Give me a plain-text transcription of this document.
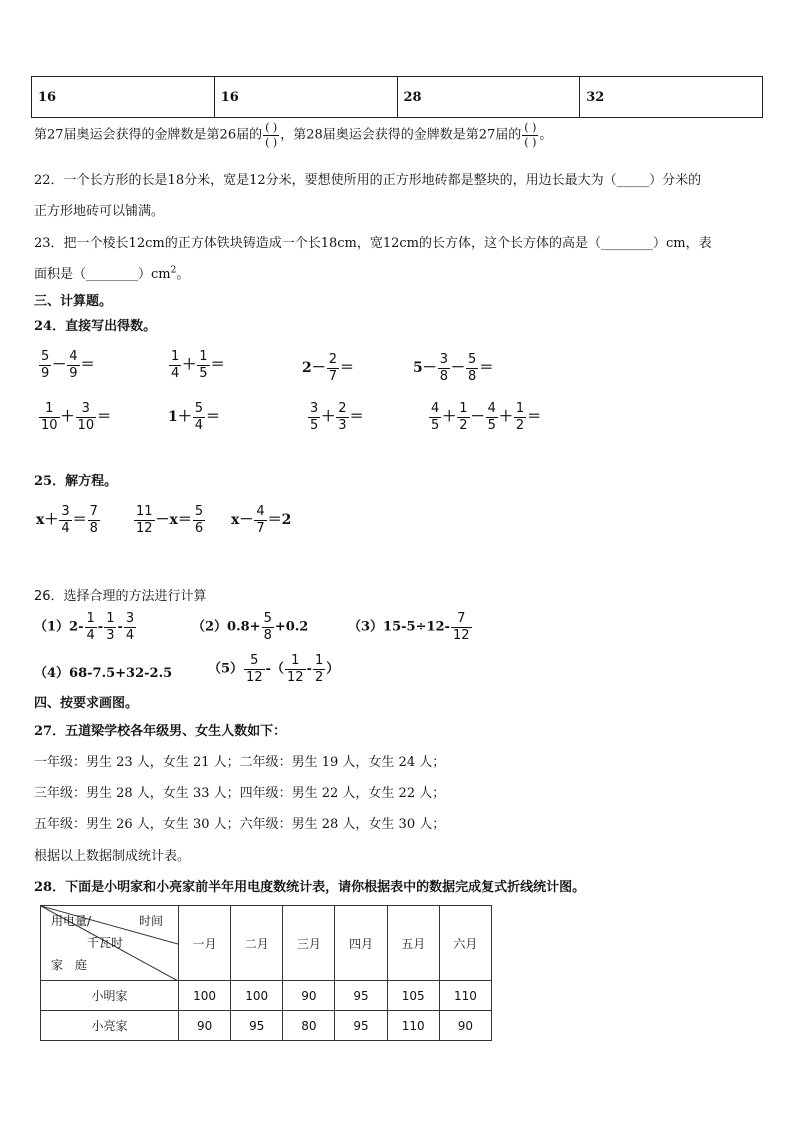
16	16	28	32
第27届奥运会获得的金牌数是第26届的 $\frac{( )}{( )}$ ，第28届奥运会获得的金牌数是第27届的 $\frac{( )}{( )}$ 。
22．一个长方形的长是18分米，宽是12分米，要想使所用的正方形地砖都是整块的，用边长最大为（_____）分米的
正方形地砖可以铺满。
23．把一个棱长12cm的正方体铁块铸造成一个长18cm，宽12cm的长方体，这个长方体的高是（________）cm，表
面积是$(\_\_\_\_\_\_\_\_)cm^2$。
三、计算题。
24．直接写出得数。
$\frac{5}{9} - \frac{4}{9}$ ＝	$\frac{1}{4} + \frac{1}{5}$ ＝	$2- \frac{2}{7}$ ＝	$5- \frac{3}{8} - \frac{5}{8}$ ＝
$\frac{1}{10} + \frac{3}{10}$ ＝	$1+ \frac{5}{4}$ ＝	$\frac{3}{5} + \frac{2}{3}$ ＝	$\frac{4}{5} + \frac{1}{2} - \frac{4}{5} + \frac{1}{2}$ ＝
25．解方程。
$x+ \frac{3}{4} = \frac{7}{8}$	$\frac{11}{12} -x= \frac{5}{6} x- \frac{4}{7} =2$
26．选择合理的方法进行计算
$(1)2- \frac{1}{4} - \frac{1}{3} - \frac{3}{4}$	$(2)0.8+ \frac{5}{8} +0.2$	$(3)15-5\div 12- \frac{7}{12}$
（4）68-7.5+32-2.5	$(5) \frac{5}{12}$ -（ $\frac{1}{12} - \frac{1}{2}$ ）
四、按要求画图。
27．五道梁学校各年级男、女生人数如下：
一年级：男生 23 人，女生 21 人；二年级：男生 19 人，女生 24 人；
三年级：男生 28 人，女生 33 人；四年级：男生 22 人，女生 22 人；
五年级：男生 26 人，女生 30 人；六年级：男生 28 人，女生 30 人；
根据以上数据制成统计表。
28．下面是小明家和小亮家前半年用电度数统计表，请你根据表中的数据完成复式折线统计图。
用电量/ 时间
千瓦时
家　庭	一月	二月	三月	四月	五月	六月
小明家	100	100	90	95	105	110
小亮家	90	95	80	95	110	90
